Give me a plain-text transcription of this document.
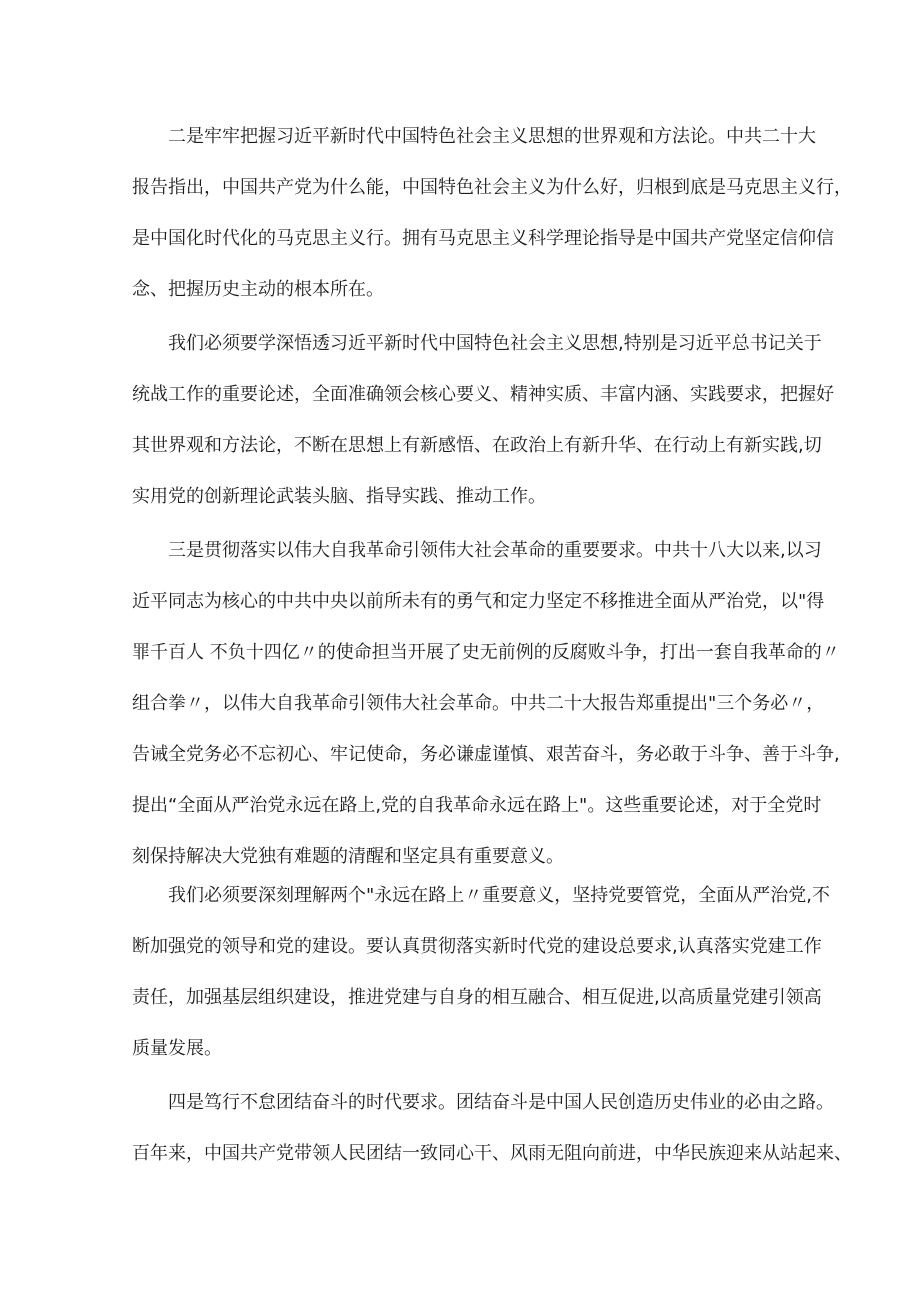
二是牢牢把握习近平新时代中国特色社会主义思想的世界观和方法论。中共二十大
报告指出，中国共产党为什么能，中国特色社会主义为什么好，归根到底是马克思主义行，
是中国化时代化的马克思主义行。拥有马克思主义科学理论指导是中国共产党坚定信仰信
念、把握历史主动的根本所在。

我们必须要学深悟透习近平新时代中国特色社会主义思想,特别是习近平总书记关于
统战工作的重要论述，全面准确领会核心要义、精神实质、丰富内涵、实践要求，把握好
其世界观和方法论，不断在思想上有新感悟、在政治上有新升华、在行动上有新实践,切
实用党的创新理论武装头脑、指导实践、推动工作。

三是贯彻落实以伟大自我革命引领伟大社会革命的重要要求。中共十八大以来,以习
近平同志为核心的中共中央以前所未有的勇气和定力坚定不移推进全面从严治党，以"得
罪千百人 不负十四亿〃的使命担当开展了史无前例的反腐败斗争，打出一套自我革命的〃
组合拳〃，以伟大自我革命引领伟大社会革命。中共二十大报告郑重提出"三个务必〃，
告诫全党务必不忘初心、牢记使命，务必谦虚谨慎、艰苦奋斗，务必敢于斗争、善于斗争,
提出“全面从严治党永远在路上,党的自我革命永远在路上"。这些重要论述，对于全党时
刻保持解决大党独有难题的清醒和坚定具有重要意义。

我们必须要深刻理解两个"永远在路上〃重要意义，坚持党要管党，全面从严治党,不
断加强党的领导和党的建设。要认真贯彻落实新时代党的建设总要求,认真落实党建工作
责任，加强基层组织建设，推进党建与自身的相互融合、相互促进,以高质量党建引领高
质量发展。

四是笃行不怠团结奋斗的时代要求。团结奋斗是中国人民创造历史伟业的必由之路。
百年来，中国共产党带领人民团结一致同心干、风雨无阻向前进，中华民族迎来从站起来、
